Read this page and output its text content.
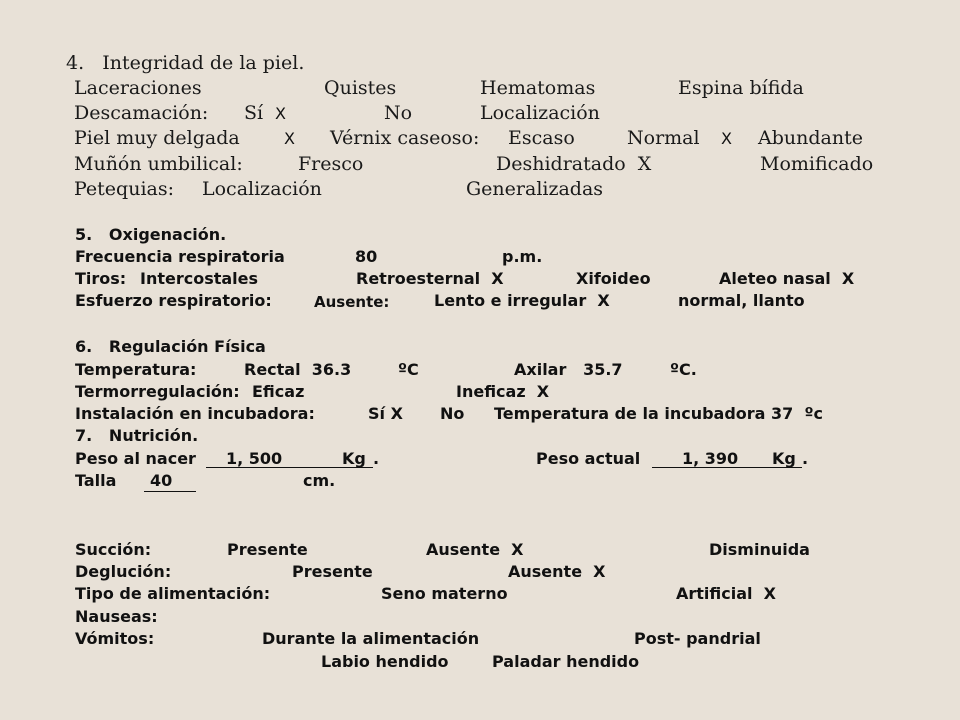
4.   Integridad de la piel.
Laceraciones	Quistes	Hematomas	Espina bífida
Descamación: Sí X	No	Localización
Piel muy delgada	X Vérnix caseoso: Escaso	Normal X Abundante
Muñón umbilical:	Fresco	Deshidratado  X	Momificado
Petequias: Localización	Generalizadas
5.   Oxigenación.
Frecuencia respiratoria	80	p.m.
Tiros: Intercostales	Retroesternal  X	Xifoideo	Aleteo nasal  X
Esfuerzo respiratorio:	Ausente:	Lento e irregular  X	normal, llanto
6.   Regulación Física
Temperatura:	Rectal  36.3	ºC	Axilar   35.7	ºC.
Termorregulación: Eficaz	Ineficaz  X
Instalación en incubadora:	Sí X No Temperatura de la incubadora 37  ºc
7.   Nutrición.
Peso al nacer 1, 500	Kg .	Peso actual	1, 390 Kg .
Talla 40	cm.
Succión:	Presente	Ausente  X	Disminuida
Deglución:	Presente	Ausente  X
Tipo de alimentación:	Seno materno	Artificial  X
Nauseas:
Vómitos:	Durante la alimentación	Post- pandrial
Labio hendido	Paladar hendido
